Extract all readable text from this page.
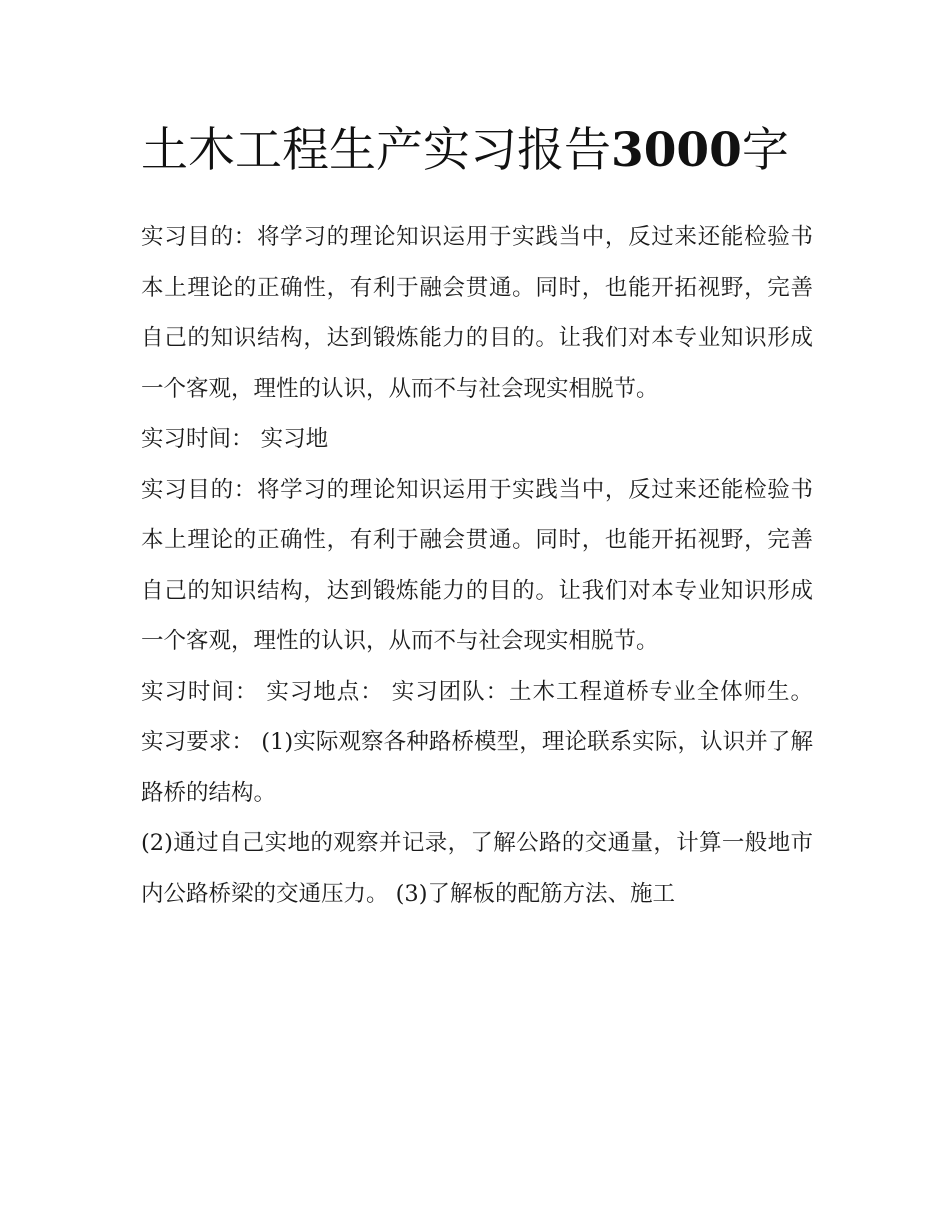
土木工程生产实习报告3000字

实习目的：将学习的理论知识运用于实践当中，反过来还能检验书本上理论的正确性，有利于融会贯通。同时，也能开拓视野，完善自己的知识结构，达到锻炼能力的目的。让我们对本专业知识形成一个客观，理性的认识，从而不与社会现实相脱节。

实习时间： 实习地

实习目的：将学习的理论知识运用于实践当中，反过来还能检验书本上理论的正确性，有利于融会贯通。同时，也能开拓视野，完善自己的知识结构，达到锻炼能力的目的。让我们对本专业知识形成一个客观，理性的认识，从而不与社会现实相脱节。

实习时间： 实习地点： 实习团队：土木工程道桥专业全体师生。 实习要求： (1)实际观察各种路桥模型，理论联系实际，认识并了解路桥的结构。

(2)通过自己实地的观察并记录，了解公路的交通量，计算一般地市内公路桥梁的交通压力。 (3)了解板的配筋方法、施工
